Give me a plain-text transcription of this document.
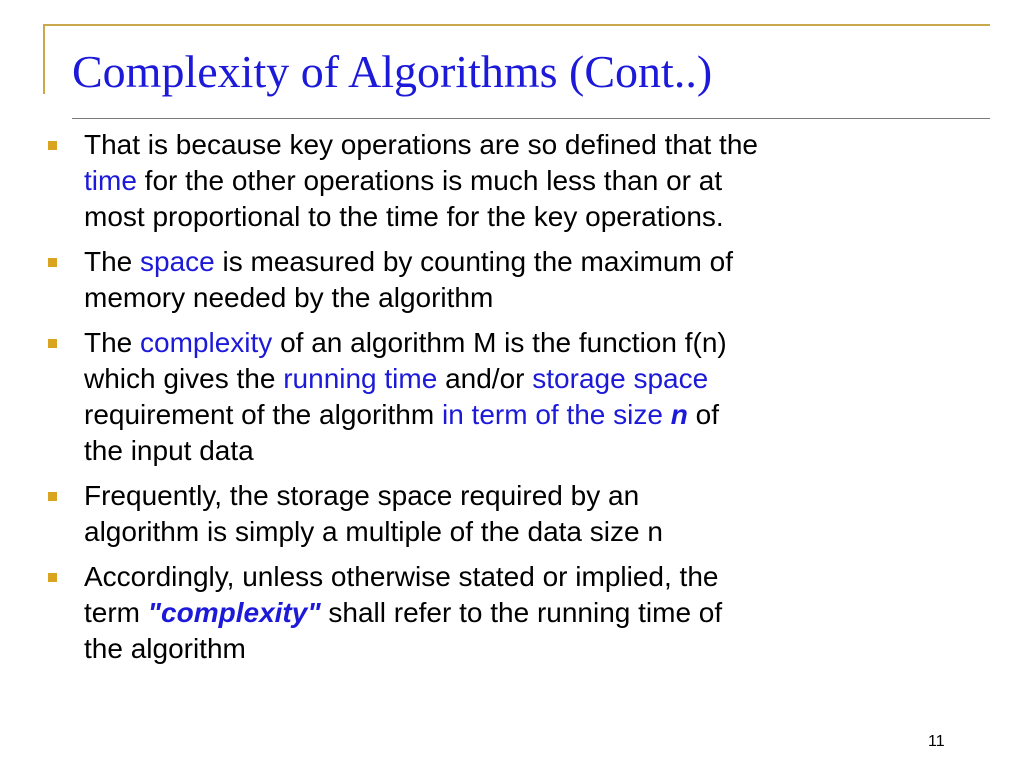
Complexity of Algorithms (Cont..)
That is because key operations are so defined that the
time for the other operations is much less than or at
most proportional to the time for the key operations.
The space is measured by counting the maximum of
memory needed by the algorithm
The complexity of an algorithm M is the function f(n)
which gives the running time and/or storage space
requirement of the algorithm in term of the size n of
the input data
Frequently, the storage space required by an
algorithm is simply a multiple of the data size n
Accordingly, unless otherwise stated or implied, the
term "complexity" shall refer to the running time of
the algorithm
11
